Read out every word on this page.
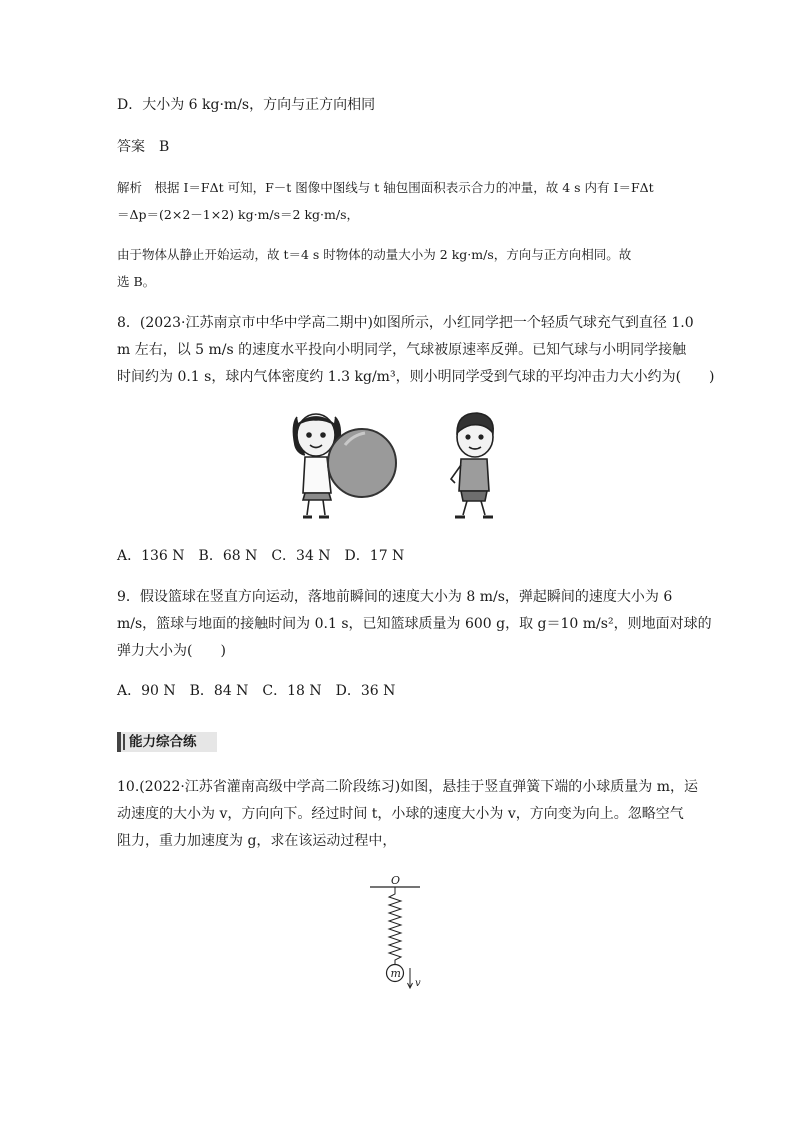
D．大小为 6 kg·m/s，方向与正方向相同
答案　B
解析　根据 I＝FΔt 可知，F－t 图像中图线与 t 轴包围面积表示合力的冲量，故 4 s 内有 I＝FΔt
＝Δp＝(2×2－1×2) kg·m/s＝2 kg·m/s，
由于物体从静止开始运动，故 t＝4 s 时物体的动量大小为 2 kg·m/s，方向与正方向相同。故
选 B。
8．(2023·江苏南京市中华中学高二期中)如图所示，小红同学把一个轻质气球充气到直径 1.0
m 左右，以 5 m/s 的速度水平投向小明同学，气球被原速率反弹。已知气球与小明同学接触
时间约为 0.1 s，球内气体密度约 1.3 kg/m³，则小明同学受到气球的平均冲击力大小约为(　　)
A．136 N　B．68 N　C．34 N　D．17 N
9．假设篮球在竖直方向运动，落地前瞬间的速度大小为 8 m/s，弹起瞬间的速度大小为 6
m/s，篮球与地面的接触时间为 0.1 s，已知篮球质量为 600 g，取 g＝10 m/s²，则地面对球的
弹力大小为(　　)
A．90 N　B．84 N　C．18 N　D．36 N
能力综合练
10.(2022·江苏省灌南高级中学高二阶段练习)如图，悬挂于竖直弹簧下端的小球质量为 m，运
动速度的大小为 v，方向向下。经过时间 t，小球的速度大小为 v，方向变为向上。忽略空气
阻力，重力加速度为 g，求在该运动过程中，
O
m
v
